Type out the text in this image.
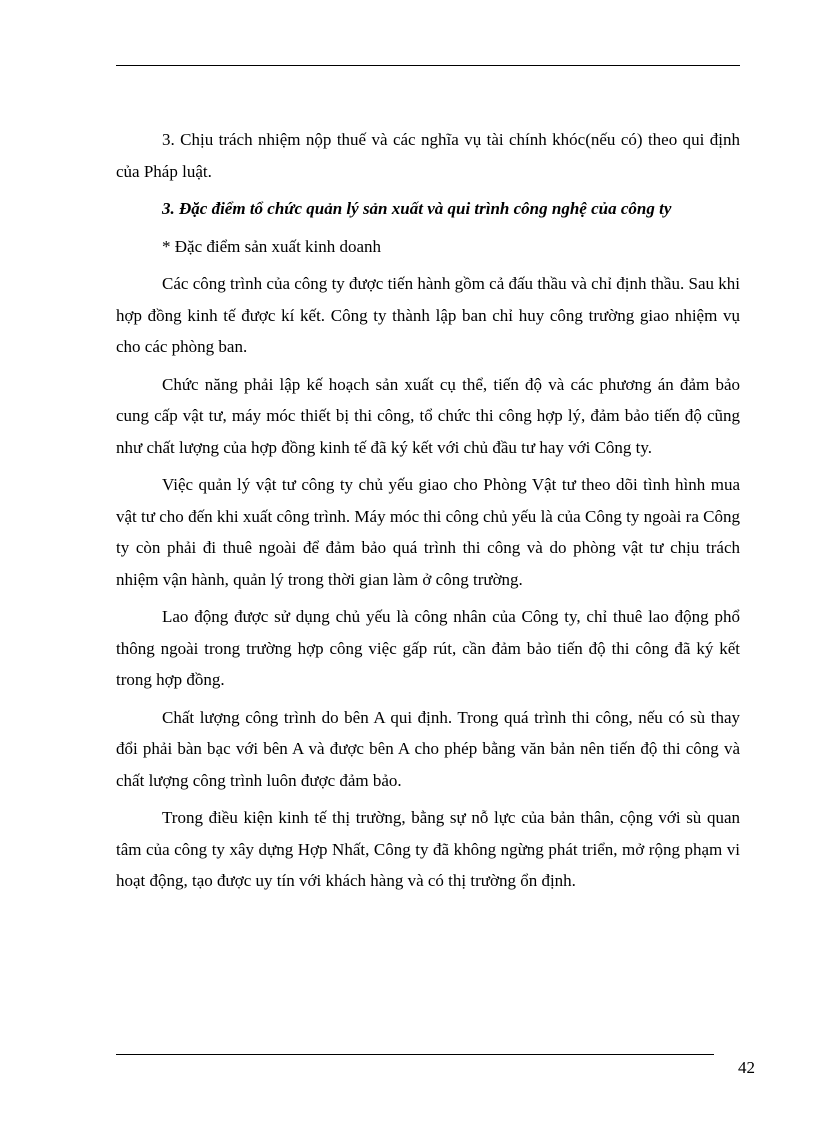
3. Chịu trách nhiệm nộp thuế và các nghĩa vụ tài chính khóc(nếu có) theo qui định của Pháp luật.

3. Đặc điểm tổ chức quản lý sản xuất và qui trình công nghệ của công ty

* Đặc điểm sản xuất kinh doanh

Các công trình của công ty được tiến hành gồm cả đấu thầu và chỉ định thầu. Sau khi hợp đồng kinh tế được kí kết. Công ty thành lập ban chỉ huy công trường giao nhiệm vụ cho các phòng ban.

Chức năng phải lập kế hoạch sản xuất cụ thể, tiến độ và các phương án đảm bảo cung cấp vật tư, máy móc thiết bị thi công, tổ chức thi công hợp lý, đảm bảo tiến độ cũng như chất lượng của hợp đồng kinh tế đã ký kết với chủ đầu tư hay với Công ty.

Việc quản lý vật tư công ty chủ yếu giao cho Phòng Vật tư theo dõi tình hình mua vật tư cho đến khi xuất công trình. Máy móc thi công chủ yếu là của Công ty ngoài ra Công ty còn phải đi thuê ngoài để đảm bảo quá trình thi công và do phòng vật tư chịu trách nhiệm vận hành, quản lý trong thời gian làm ở công trường.

Lao động được sử dụng chủ yếu là công nhân của Công ty, chỉ thuê lao động phổ thông ngoài trong trường hợp công việc gấp rút, cần đảm bảo tiến độ thi công đã ký kết trong hợp đồng.

Chất lượng công trình do bên A qui định. Trong quá trình thi công, nếu có sù thay đổi phải bàn bạc với bên A và được bên A cho phép bằng văn bản nên tiến độ thi công và chất lượng công trình luôn được đảm bảo.

Trong điều kiện kinh tế thị trường, bằng sự nỗ lực của bản thân, cộng với sù quan tâm của công ty xây dựng Hợp Nhất, Công ty đã không ngừng phát triển, mở rộng phạm vi hoạt động, tạo được uy tín với khách hàng và có thị trường ổn định.

42
